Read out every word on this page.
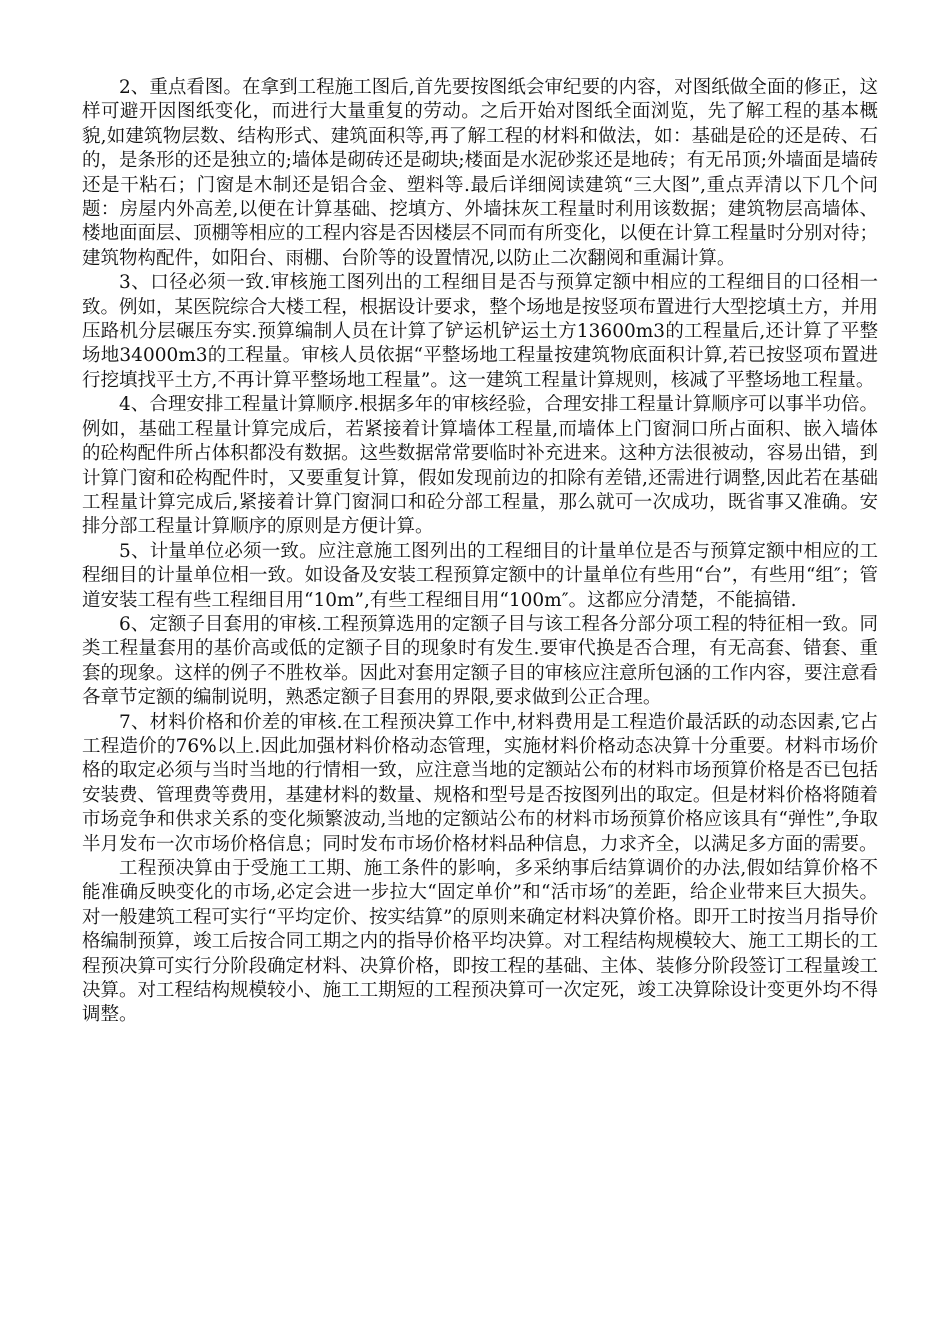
2、重点看图。在拿到工程施工图后,首先要按图纸会审纪要的内容，对图纸做全面的修正，这样可避开因图纸变化，而进行大量重复的劳动。之后开始对图纸全面浏览，先了解工程的基本概貌,如建筑物层数、结构形式、建筑面积等,再了解工程的材料和做法，如：基础是砼的还是砖、石的，是条形的还是独立的;墙体是砌砖还是砌块;楼面是水泥砂浆还是地砖；有无吊顶;外墙面是墙砖还是干粘石；门窗是木制还是铝合金、塑料等.最后详细阅读建筑“三大图”,重点弄清以下几个问题：房屋内外高差,以便在计算基础、挖填方、外墙抹灰工程量时利用该数据；建筑物层高墙体、楼地面面层、顶棚等相应的工程内容是否因楼层不同而有所变化，以便在计算工程量时分别对待；建筑物构配件，如阳台、雨棚、台阶等的设置情况,以防止二次翻阅和重漏计算。

3、口径必须一致.审核施工图列出的工程细目是否与预算定额中相应的工程细目的口径相一致。例如，某医院综合大楼工程，根据设计要求，整个场地是按竖项布置进行大型挖填土方，并用压路机分层碾压夯实.预算编制人员在计算了铲运机铲运土方13600m3的工程量后,还计算了平整场地34000m3的工程量。审核人员依据“平整场地工程量按建筑物底面积计算,若已按竖项布置进行挖填找平土方,不再计算平整场地工程量”。这一建筑工程量计算规则，核减了平整场地工程量。

4、合理安排工程量计算顺序.根据多年的审核经验，合理安排工程量计算顺序可以事半功倍。例如，基础工程量计算完成后，若紧接着计算墙体工程量,而墙体上门窗洞口所占面积、嵌入墙体的砼构配件所占体积都没有数据。这些数据常常要临时补充进来。这种方法很被动，容易出错，到计算门窗和砼构配件时，又要重复计算，假如发现前边的扣除有差错,还需进行调整,因此若在基础工程量计算完成后,紧接着计算门窗洞口和砼分部工程量，那么就可一次成功，既省事又准确。安排分部工程量计算顺序的原则是方便计算。

5、计量单位必须一致。应注意施工图列出的工程细目的计量单位是否与预算定额中相应的工程细目的计量单位相一致。如设备及安装工程预算定额中的计量单位有些用“台”，有些用“组″；管道安装工程有些工程细目用“10m”,有些工程细目用“100m″。这都应分清楚，不能搞错.

6、定额子目套用的审核.工程预算选用的定额子目与该工程各分部分项工程的特征相一致。同类工程量套用的基价高或低的定额子目的现象时有发生.要审代换是否合理，有无高套、错套、重套的现象。这样的例子不胜枚举。因此对套用定额子目的审核应注意所包涵的工作内容，要注意看各章节定额的编制说明，熟悉定额子目套用的界限,要求做到公正合理。

7、材料价格和价差的审核.在工程预决算工作中,材料费用是工程造价最活跃的动态因素,它占工程造价的76%以上.因此加强材料价格动态管理，实施材料价格动态决算十分重要。材料市场价格的取定必须与当时当地的行情相一致，应注意当地的定额站公布的材料市场预算价格是否已包括安装费、管理费等费用，基建材料的数量、规格和型号是否按图列出的取定。但是材料价格将随着市场竞争和供求关系的变化频繁波动,当地的定额站公布的材料市场预算价格应该具有“弹性”,争取半月发布一次市场价格信息；同时发布市场价格材料品种信息，力求齐全，以满足多方面的需要。

工程预决算由于受施工工期、施工条件的影响，多采纳事后结算调价的办法,假如结算价格不能准确反映变化的市场,必定会进一步拉大“固定单价”和“活市场″的差距，给企业带来巨大损失。对一般建筑工程可实行“平均定价、按实结算”的原则来确定材料决算价格。即开工时按当月指导价格编制预算，竣工后按合同工期之内的指导价格平均决算。对工程结构规模较大、施工工期长的工程预决算可实行分阶段确定材料、决算价格，即按工程的基础、主体、装修分阶段签订工程量竣工决算。对工程结构规模较小、施工工期短的工程预决算可一次定死，竣工决算除设计变更外均不得调整。
